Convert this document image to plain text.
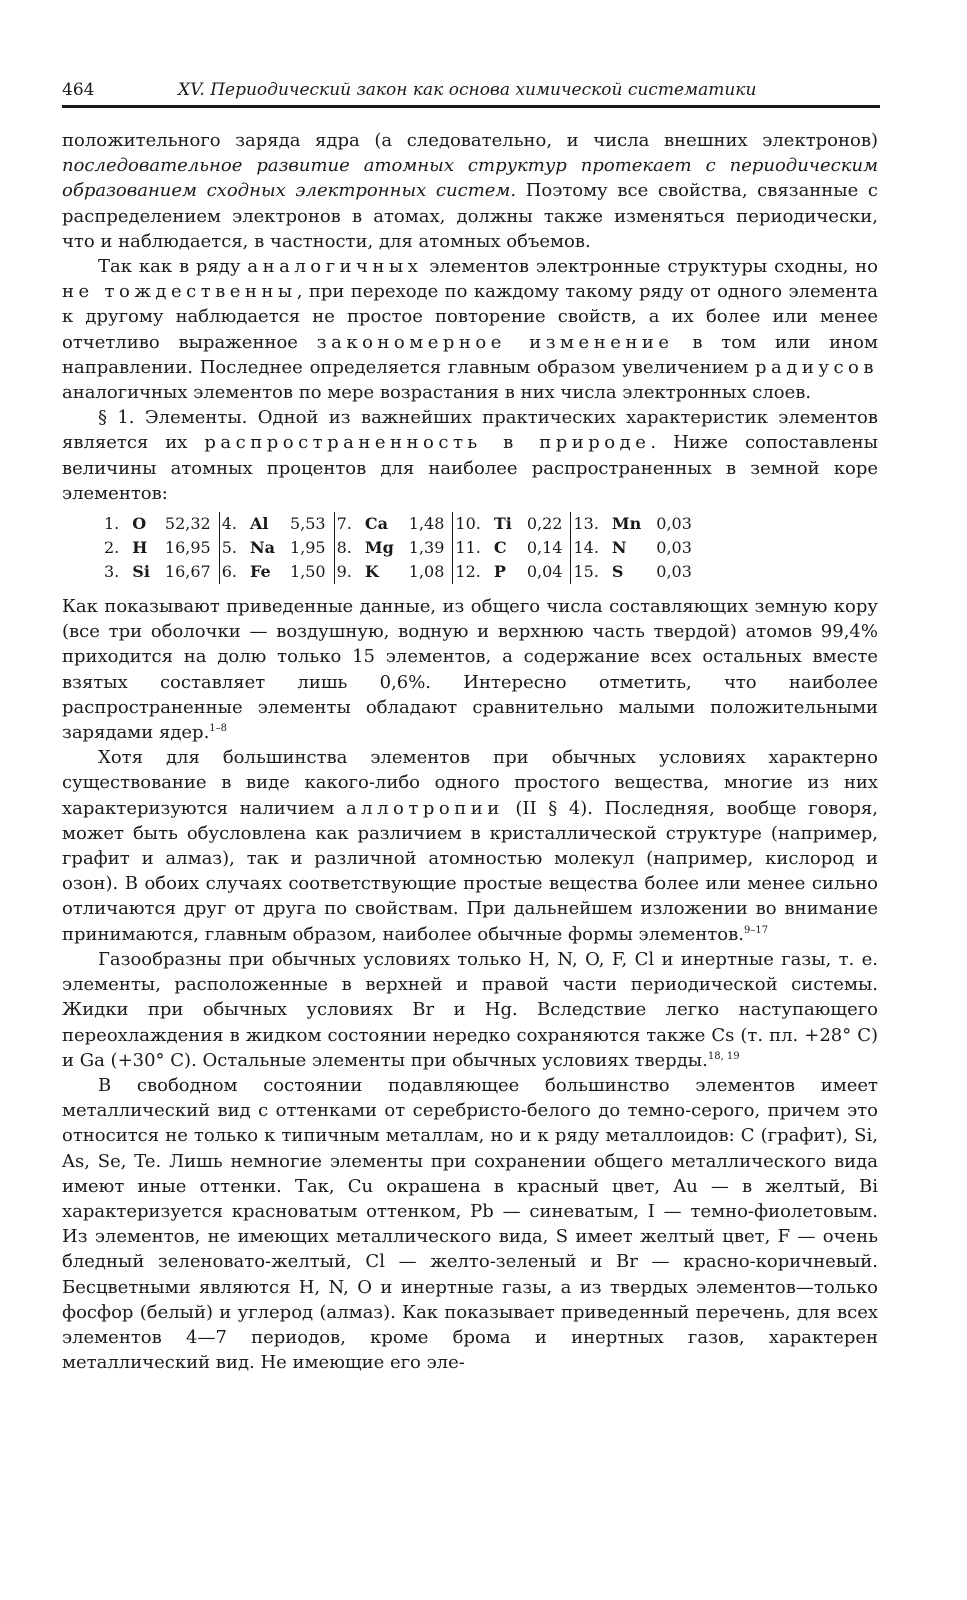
464	XV. Периодический закон как основа химической систематики

положительного заряда ядра (а следовательно, и числа внешних электронов) последовательное развитие атомных структур протекает с периодическим образованием сходных электронных систем. Поэтому все свойства, связанные с распределением электронов в атомах, должны также изменяться периодически, что и наблюдается, в частности, для атомных объемов.

Так как в ряду аналогичных элементов электронные структуры сходны, но не тождественны, при переходе по каждому такому ряду от одного элемента к другому наблюдается не простое повторение свойств, а их более или менее отчетливо выраженное закономерное изменение в том или ином направлении. Последнее определяется главным образом увеличением радиусов аналогичных элементов по мере возрастания в них числа электронных слоев.

§ 1. Элементы. Одной из важнейших практических характеристик элементов является их распространенность в природе. Ниже сопоставлены величины атомных процентов для наиболее распространенных в земной коре элементов:

1.	O	52,32	4.	Al	5,53	7.	Ca	1,48	10.	Ti	0,22	13.	Mn	0,03
2.	H	16,95	5.	Na	1,95	8.	Mg	1,39	11.	C	0,14	14.	N	0,03
3.	Si	16,67	6.	Fe	1,50	9.	K	1,08	12.	P	0,04	15.	S	0,03

Как показывают приведенные данные, из общего числа составляющих земную кору (все три оболочки — воздушную, водную и верхнюю часть твердой) атомов 99,4% приходится на долю только 15 элементов, а содержание всех остальных вместе взятых составляет лишь 0,6%. Интересно отметить, что наиболее распространенные элементы обладают сравнительно малыми положительными зарядами ядер.$^{1-8}$

Хотя для большинства элементов при обычных условиях характерно существование в виде какого-либо одного простого вещества, многие из них характеризуются наличием аллотропии (II § 4). Последняя, вообще говоря, может быть обусловлена как различием в кристаллической структуре (например, графит и алмаз), так и различной атомностью молекул (например, кислород и озон). В обоих случаях соответствующие простые вещества более или менее сильно отличаются друг от друга по свойствам. При дальнейшем изложении во внимание принимаются, главным образом, наиболее обычные формы элементов.$^{9-17}$

Газообразны при обычных условиях только H, N, O, F, Cl и инертные газы, т. е. элементы, расположенные в верхней и правой части периодической системы. Жидки при обычных условиях Br и Hg. Вследствие легко наступающего переохлаждения в жидком состоянии нередко сохраняются также Cs (т. пл. +28° C) и Ga (+30° C). Остальные элементы при обычных условиях тверды.$^{18, 19}$

В свободном состоянии подавляющее большинство элементов имеет металлический вид с оттенками от серебристо-белого до темно-серого, причем это относится не только к типичным металлам, но и к ряду металлоидов: C (графит), Si, As, Se, Te. Лишь немногие элементы при сохранении общего металлического вида имеют иные оттенки. Так, Cu окрашена в красный цвет, Au — в желтый, Bi характеризуется красноватым оттенком, Pb — синеватым, I — темно-фиолетовым. Из элементов, не имеющих металлического вида, S имеет желтый цвет, F — очень бледный зеленовато-желтый, Cl — желто-зеленый и Br — красно-коричневый. Бесцветными являются H, N, O и инертные газы, а из твердых элементов—только фосфор (белый) и углерод (алмаз). Как показывает приведенный перечень, для всех элементов 4—7 периодов, кроме брома и инертных газов, характерен металлический вид. Не имеющие его эле-
